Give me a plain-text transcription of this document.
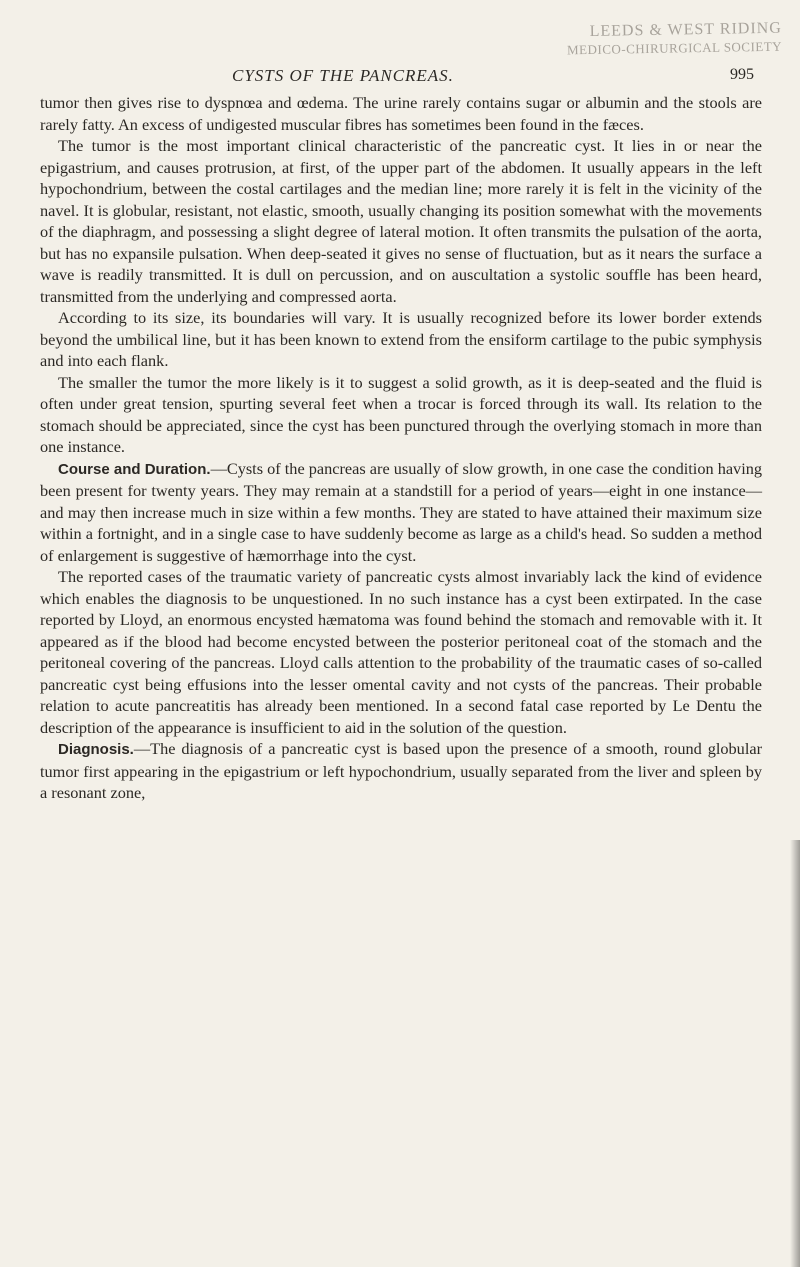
LEEDS & WEST RIDING
MEDICO-CHIRURGICAL SOCIETY
CYSTS OF THE PANCREAS.	995

tumor then gives rise to dyspnœa and œdema. The urine rarely contains sugar or albumin and the stools are rarely fatty. An excess of undigested muscular fibres has sometimes been found in the fæces.

The tumor is the most important clinical characteristic of the pancreatic cyst. It lies in or near the epigastrium, and causes protrusion, at first, of the upper part of the abdomen. It usually appears in the left hypochondrium, between the costal cartilages and the median line; more rarely it is felt in the vicinity of the navel. It is globular, resistant, not elastic, smooth, usually changing its position somewhat with the movements of the diaphragm, and possessing a slight degree of lateral motion. It often transmits the pulsation of the aorta, but has no expansile pulsation. When deep-seated it gives no sense of fluctuation, but as it nears the surface a wave is readily transmitted. It is dull on percussion, and on auscultation a systolic souffle has been heard, transmitted from the underlying and compressed aorta.

According to its size, its boundaries will vary. It is usually recognized before its lower border extends beyond the umbilical line, but it has been known to extend from the ensiform cartilage to the pubic symphysis and into each flank.

The smaller the tumor the more likely is it to suggest a solid growth, as it is deep-seated and the fluid is often under great tension, spurting several feet when a trocar is forced through its wall. Its relation to the stomach should be appreciated, since the cyst has been punctured through the overlying stomach in more than one instance.

Course and Duration.—Cysts of the pancreas are usually of slow growth, in one case the condition having been present for twenty years. They may remain at a standstill for a period of years—eight in one instance—and may then increase much in size within a few months. They are stated to have attained their maximum size within a fortnight, and in a single case to have suddenly become as large as a child's head. So sudden a method of enlargement is suggestive of hæmorrhage into the cyst.

The reported cases of the traumatic variety of pancreatic cysts almost invariably lack the kind of evidence which enables the diagnosis to be unquestioned. In no such instance has a cyst been extirpated. In the case reported by Lloyd, an enormous encysted hæmatoma was found behind the stomach and removable with it. It appeared as if the blood had become encysted between the posterior peritoneal coat of the stomach and the peritoneal covering of the pancreas. Lloyd calls attention to the probability of the traumatic cases of so-called pancreatic cyst being effusions into the lesser omental cavity and not cysts of the pancreas. Their probable relation to acute pancreatitis has already been mentioned. In a second fatal case reported by Le Dentu the description of the appearance is insufficient to aid in the solution of the question.

Diagnosis.—The diagnosis of a pancreatic cyst is based upon the presence of a smooth, round globular tumor first appearing in the epigastrium or left hypochondrium, usually separated from the liver and spleen by a resonant zone,
